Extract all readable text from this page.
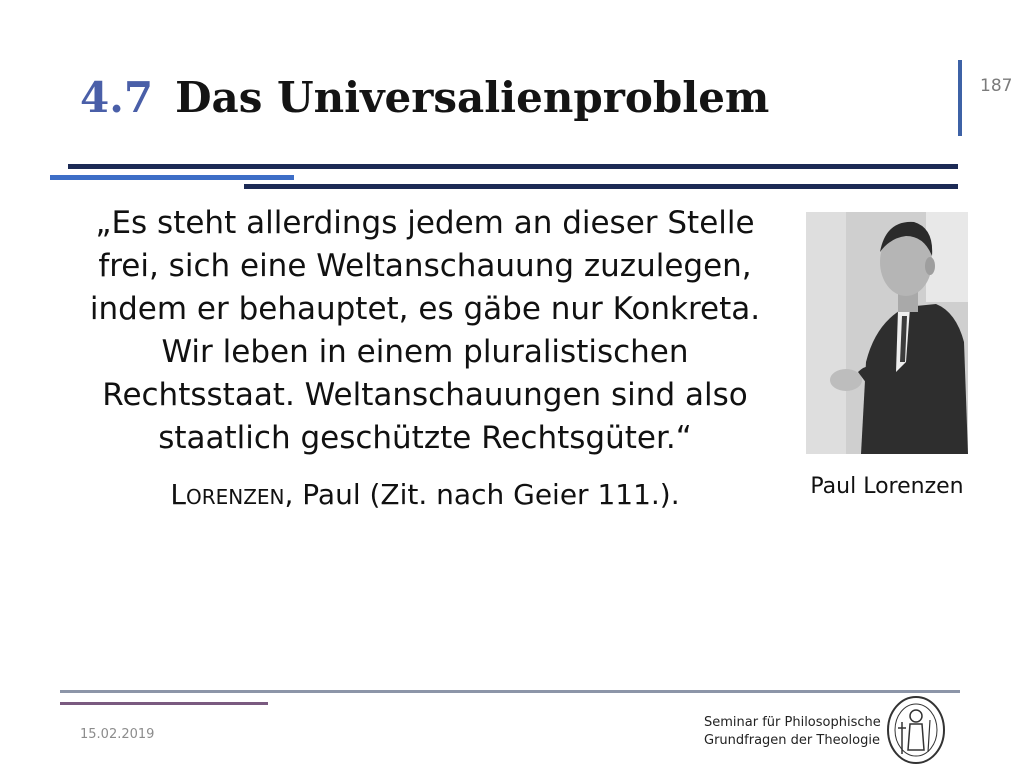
4.7 Das Universalienproblem	187
„Es steht allerdings jedem an dieser Stelle frei, sich eine Weltanschauung zuzulegen, indem er behauptet, es gäbe nur Konkreta. Wir leben in einem pluralistischen Rechtsstaat. Weltanschauungen sind also staatlich geschützte Rechtsgüter.“
Lorenzen, Paul (Zit. nach Geier 111.).	Paul Lorenzen
15.02.2019
Seminar für Philosophische
Grundfragen der Theologie
